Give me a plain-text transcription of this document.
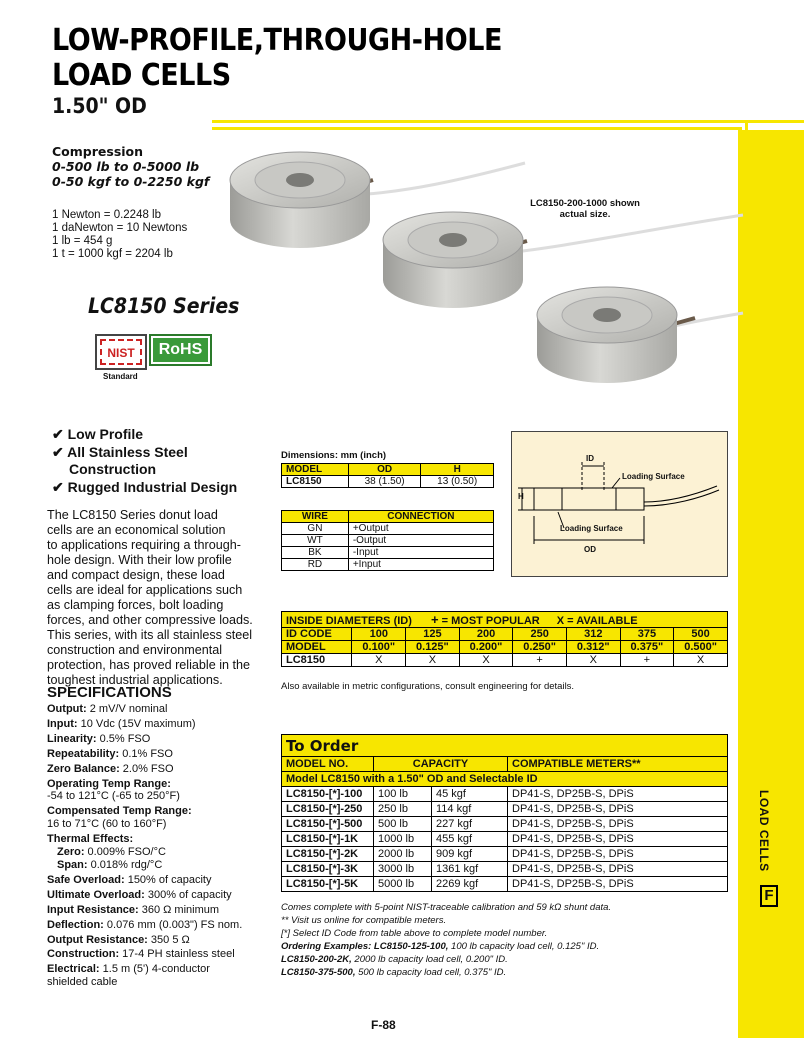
LOAD CELLS
F
LOW-PROFILE,THROUGH-HOLE
LOAD CELLS
1.50" OD
Compression
0-500 lb to 0-5000 lb
0-50 kgf to 0-2250 kgf
1 Newton = 0.2248 lb
1 daNewton = 10 Newtons
1 lb = 454 g
1 t = 1000 kgf = 2204 lb
LC8150 Series
NIST	RoHS
Standard
LC8150-200-1000 shown
actual size.
✔ Low Profile
✔ All Stainless Steel
Construction
✔ Rugged Industrial Design
The LC8150 Series donut load
cells are an economical solution
to applications requiring a through-
hole design. With their low profile
and compact design, these load
cells are ideal for applications such
as clamping forces, bolt loading
forces, and other compressive loads.
This series, with its all stainless steel
construction and environmental
protection, has proved reliable in the
toughest industrial applications.
SPECIFICATIONS
Output: 2 mV/V nominal
Input: 10 Vdc (15V maximum)
Linearity: 0.5% FSO
Repeatability: 0.1% FSO
Zero Balance: 2.0% FSO
Operating Temp Range:
-54 to 121°C (-65 to 250°F)
Compensated Temp Range:
16 to 71°C (60 to 160°F)
Thermal Effects:
Zero: 0.009% FSO/°C
Span: 0.018% rdg/°C
Safe Overload: 150% of capacity
Ultimate Overload: 300% of capacity
Input Resistance: 360 Ω minimum
Deflection: 0.076 mm (0.003") FS nom.
Output Resistance: 350 5 Ω
Construction: 17-4 PH stainless steel
Electrical: 1.5 m (5') 4-conductor
shielded cable
Dimensions: mm (inch)
MODEL	OD	H
LC8150	38 (1.50)	13 (0.50)
WIRE	CONNECTION
GN	+Output
WT	-Output
BK	-Input
RD	+Input
ID
Loading Surface
H
Loading Surface
OD
INSIDE DIAMETERS (ID) + = MOST POPULAR X = AVAILABLE							
ID CODE	100	125	200	250	312	375	500
MODEL	0.100"	0.125"	0.200"	0.250"	0.312"	0.375"	0.500"
LC8150	X	X	X	+	X	+	X
Also available in metric configurations, consult engineering for details.
To Order			
MODEL NO.	CAPACITY		COMPATIBLE METERS**
Model LC8150 with a 1.50" OD and Selectable ID			
LC8150-[*]-100	100 lb	45 kgf	DP41-S, DP25B-S, DPiS
LC8150-[*]-250	250 lb	114 kgf	DP41-S, DP25B-S, DPiS
LC8150-[*]-500	500 lb	227 kgf	DP41-S, DP25B-S, DPiS
LC8150-[*]-1K	1000 lb	455 kgf	DP41-S, DP25B-S, DPiS
LC8150-[*]-2K	2000 lb	909 kgf	DP41-S, DP25B-S, DPiS
LC8150-[*]-3K	3000 lb	1361 kgf	DP41-S, DP25B-S, DPiS
LC8150-[*]-5K	5000 lb	2269 kgf	DP41-S, DP25B-S, DPiS
Comes complete with 5-point NIST-traceable calibration and 59 kΩ shunt data.
** Visit us online for compatible meters.
[*] Select ID Code from table above to complete model number.
Ordering Examples: LC8150-125-100, 100 lb capacity load cell, 0.125" ID.
LC8150-200-2K, 2000 lb capacity load cell, 0.200" ID.
LC8150-375-500, 500 lb capacity load cell, 0.375" ID.
F-88
